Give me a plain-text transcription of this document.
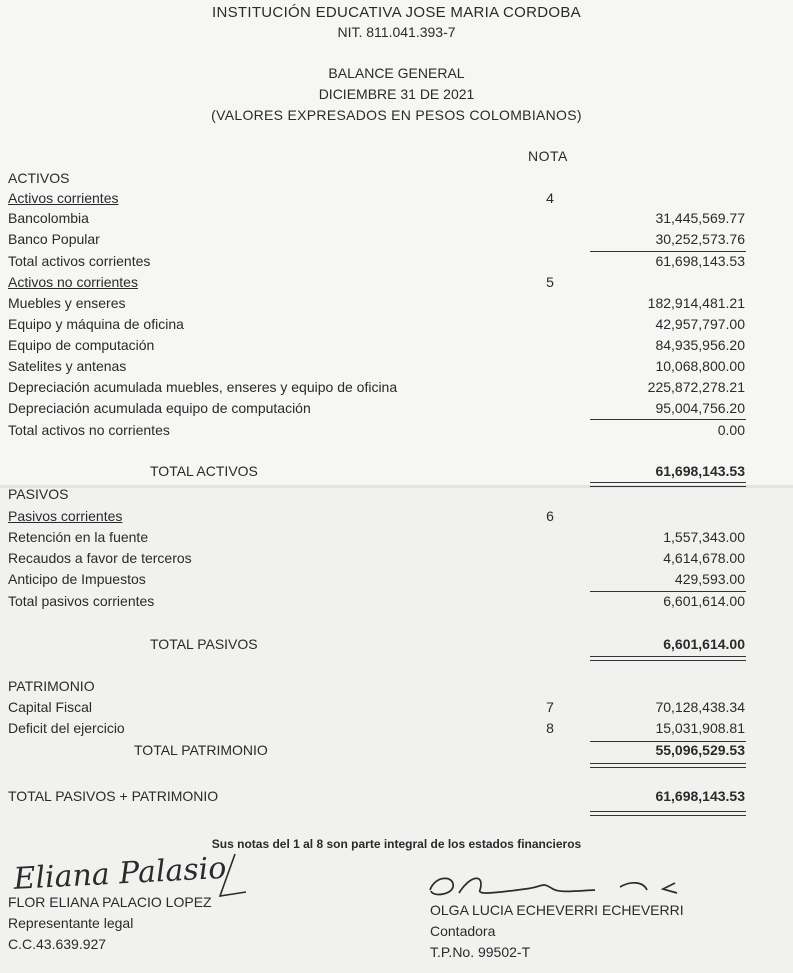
INSTITUCIÓN EDUCATIVA JOSE MARIA CORDOBA
NIT. 811.041.393-7
BALANCE GENERAL
DICIEMBRE 31 DE 2021
(VALORES EXPRESADOS EN PESOS COLOMBIANOS)
NOTA
ACTIVOS
Activos corrientes	4
Bancolombia	31,445,569.77
Banco Popular	30,252,573.76
Total activos corrientes	61,698,143.53
Activos no corrientes	5
Muebles y enseres	182,914,481.21
Equipo y máquina de oficina	42,957,797.00
Equipo de computación	84,935,956.20
Satelites y antenas	10,068,800.00
Depreciación acumulada muebles, enseres y equipo de oficina	225,872,278.21
Depreciación acumulada equipo de computación	95,004,756.20
Total activos no corrientes	0.00
TOTAL ACTIVOS	61,698,143.53
PASIVOS
Pasivos corrientes	6
Retención en la fuente	1,557,343.00
Recaudos a favor de terceros	4,614,678.00
Anticipo de Impuestos	429,593.00
Total pasivos corrientes	6,601,614.00
TOTAL PASIVOS	6,601,614.00
PATRIMONIO
Capital Fiscal	7	70,128,438.34
Deficit del ejercicio	8	15,031,908.81
TOTAL PATRIMONIO	55,096,529.53
TOTAL PASIVOS + PATRIMONIO	61,698,143.53
Sus notas del 1 al 8 son parte integral de los estados financieros
Eliana Palasio
FLOR ELIANA PALACIO LOPEZ
Representante legal
C.C.43.639.927
OLGA LUCIA ECHEVERRI ECHEVERRI
Contadora
T.P.No. 99502-T
